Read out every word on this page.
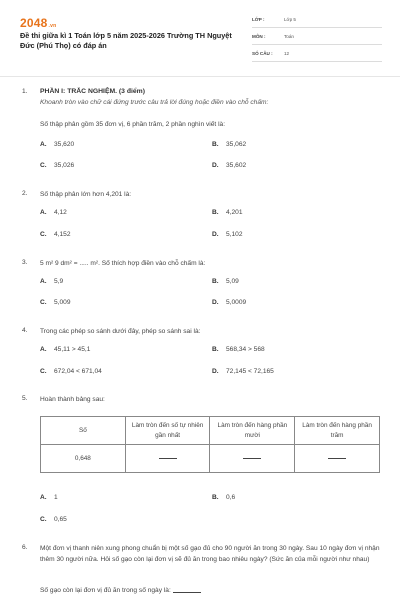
2048.vn
Đề thi giữa kì 1 Toán lớp 5 năm 2025-2026 Trường TH Nguyệt Đức (Phú Thọ) có đáp án
LỚP :	Lớp 5
MÔN :	Toán
SỐ CÂU : 12
1. PHẦN I: TRẮC NGHIỆM. (3 điểm)
Khoanh tròn vào chữ cái đứng trước câu trả lời đúng hoặc điền vào chỗ chấm:
Số thập phân gồm 35 đơn vị, 6 phần trăm, 2 phần nghìn viết là:
A. 35,620	B. 35,062
C. 35,026	D. 35,602
2. Số thập phân lớn hơn 4,201 là:
A. 4,12	B. 4,201
C. 4,152	D. 5,102
3. 5 m² 9 dm² = ..... m². Số thích hợp điền vào chỗ chấm là:
A. 5,9	B. 5,09
C. 5,009	D. 5,0009
4. Trong các phép so sánh dưới đây, phép so sánh sai là:
A. 45,11 > 45,1	B. 568,34 > 568
C. 672,04 < 671,04	D. 72,145 < 72,165
5. Hoàn thành bảng sau:
Số	Làm tròn đến số tự nhiên gần nhất	Làm tròn đến hàng phần mười	Làm tròn đến hàng phần trăm
0,648			
A. 1	B. 0,6
C. 0,65
6. Một đơn vị thanh niên xung phong chuẩn bị một số gạo đủ cho 90 người ăn trong 30 ngày. Sau 10 ngày đơn vị nhận thêm 30 người nữa. Hỏi số gạo còn lại đơn vị sẽ đủ ăn trong bao nhiêu ngày? (Sức ăn của mỗi người như nhau)
Số gạo còn lại đơn vị đủ ăn trong số ngày là:
